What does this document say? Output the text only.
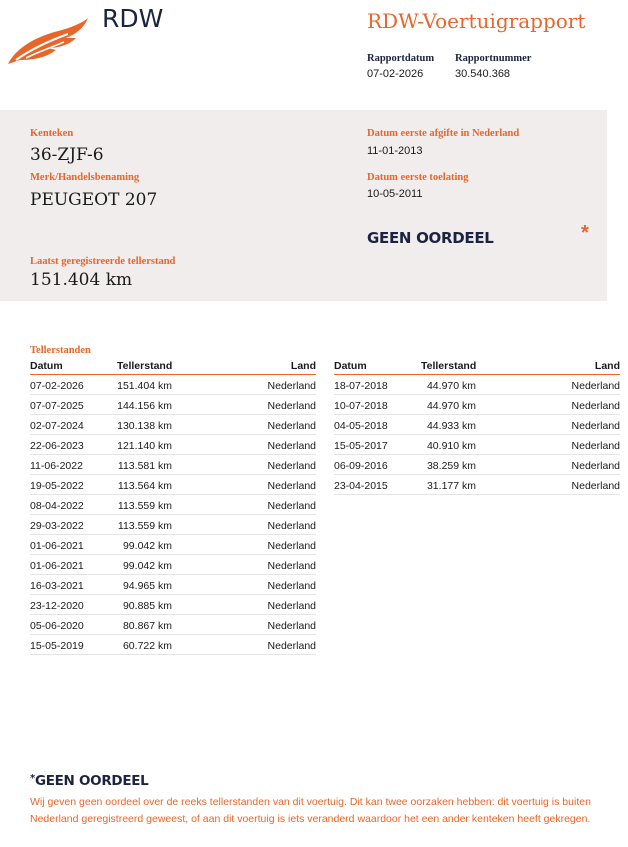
RDW	RDW-Voertuigrapport
Rapportdatum
07-02-2026
Rapportnummer
30.540.368
Kenteken
36-ZJF-6
Merk/Handelsbenaming
PEUGEOT 207
Datum eerste afgifte in Nederland
11-01-2013
Datum eerste toelating
10-05-2011
GEEN OORDEEL	*
Laatst geregistreerde tellerstand
151.404 km
Tellerstanden
Datum	Tellerstand	Land
07-02-2026	151.404 km	Nederland
07-07-2025	144.156 km	Nederland
02-07-2024	130.138 km	Nederland
22-06-2023	121.140 km	Nederland
11-06-2022	113.581 km	Nederland
19-05-2022	113.564 km	Nederland
08-04-2022	113.559 km	Nederland
29-03-2022	113.559 km	Nederland
01-06-2021	99.042 km	Nederland
01-06-2021	99.042 km	Nederland
16-03-2021	94.965 km	Nederland
23-12-2020	90.885 km	Nederland
05-06-2020	80.867 km	Nederland
15-05-2019	60.722 km	Nederland
Datum	Tellerstand	Land
18-07-2018	44.970 km	Nederland
10-07-2018	44.970 km	Nederland
04-05-2018	44.933 km	Nederland
15-05-2017	40.910 km	Nederland
06-09-2016	38.259 km	Nederland
23-04-2015	31.177 km	Nederland
*GEEN OORDEEL
Wij geven geen oordeel over de reeks tellerstanden van dit voertuig. Dit kan twee oorzaken hebben: dit voertuig is buiten Nederland geregistreerd geweest, of aan dit voertuig is iets veranderd waardoor het een ander kenteken heeft gekregen.
